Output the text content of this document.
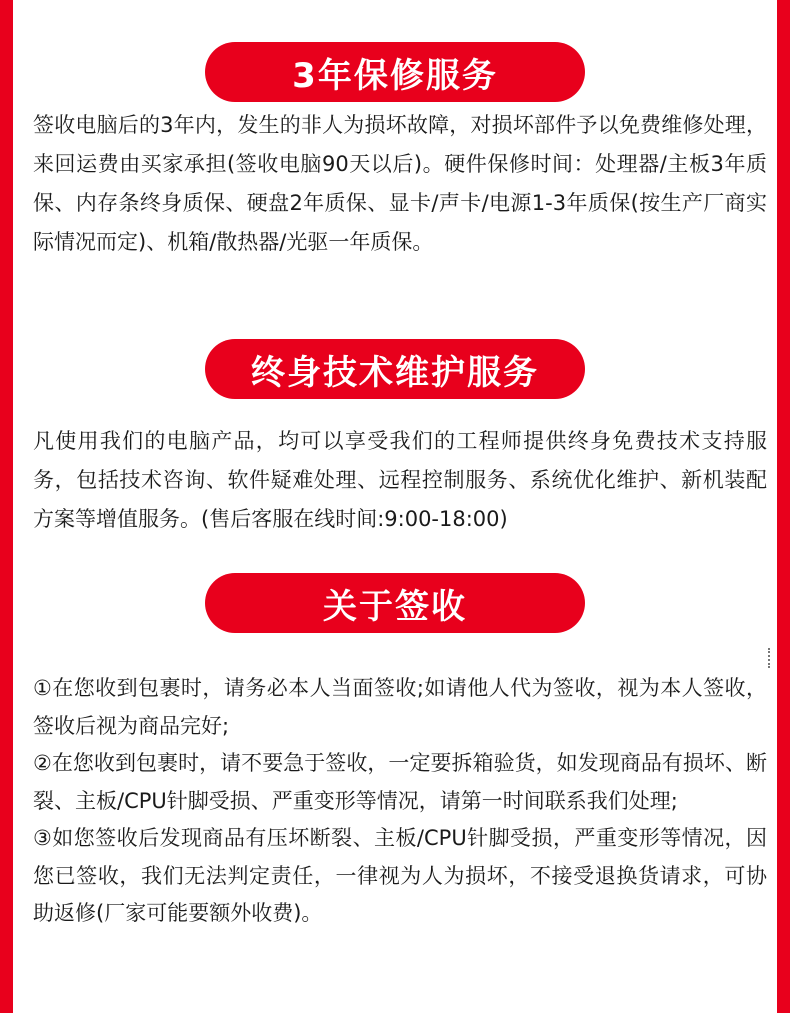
3年保修服务

签收电脑后的3年内，发生的非人为损坏故障，对损坏部件予以免费维修处理，来回运费由买家承担(签收电脑90天以后)。硬件保修时间：处理器/主板3年质保、内存条终身质保、硬盘2年质保、显卡/声卡/电源1-3年质保(按生产厂商实际情况而定)、机箱/散热器/光驱一年质保。

终身技术维护服务

凡使用我们的电脑产品，均可以享受我们的工程师提供终身免费技术支持服务，包括技术咨询、软件疑难处理、远程控制服务、系统优化维护、新机装配方案等增值服务。(售后客服在线时间:9:00-18:00)

关于签收

①在您收到包裹时，请务必本人当面签收;如请他人代为签收，视为本人签收，签收后视为商品完好;

②在您收到包裹时，请不要急于签收，一定要拆箱验货，如发现商品有损坏、断裂、主板/CPU针脚受损、严重变形等情况，请第一时间联系我们处理;

③如您签收后发现商品有压坏断裂、主板/CPU针脚受损，严重变形等情况，因您已签收，我们无法判定责任，一律视为人为损坏，不接受退换货请求，可协助返修(厂家可能要额外收费)。
